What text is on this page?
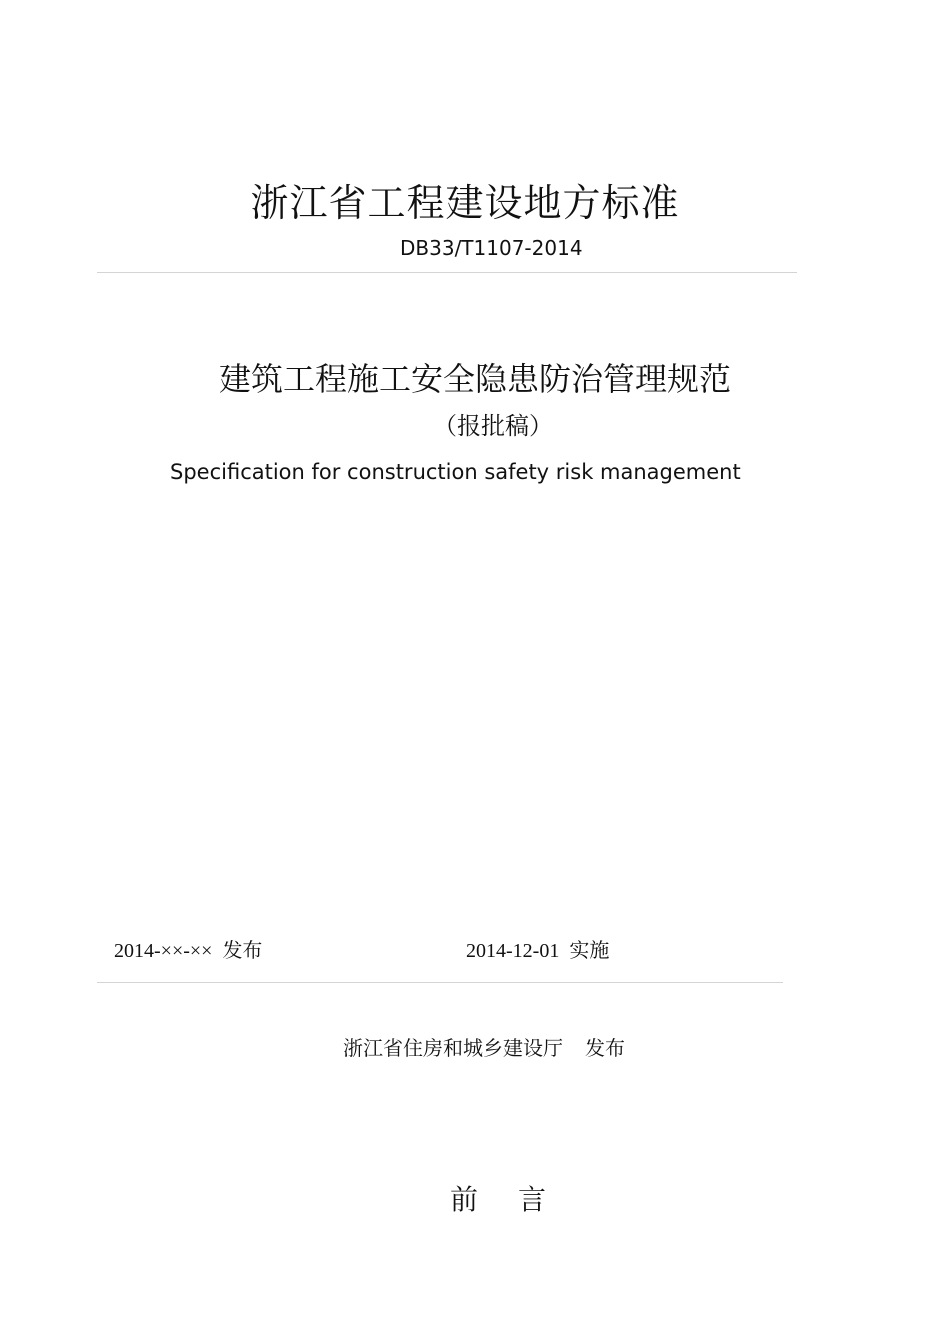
浙江省工程建设地方标准
DB33/T1107-2014
建筑工程施工安全隐患防治管理规范
（报批稿）
Specification for construction safety risk management
2014-××-×× 发布	2014-12-01 实施
浙江省住房和城乡建设厅 发布
前言
